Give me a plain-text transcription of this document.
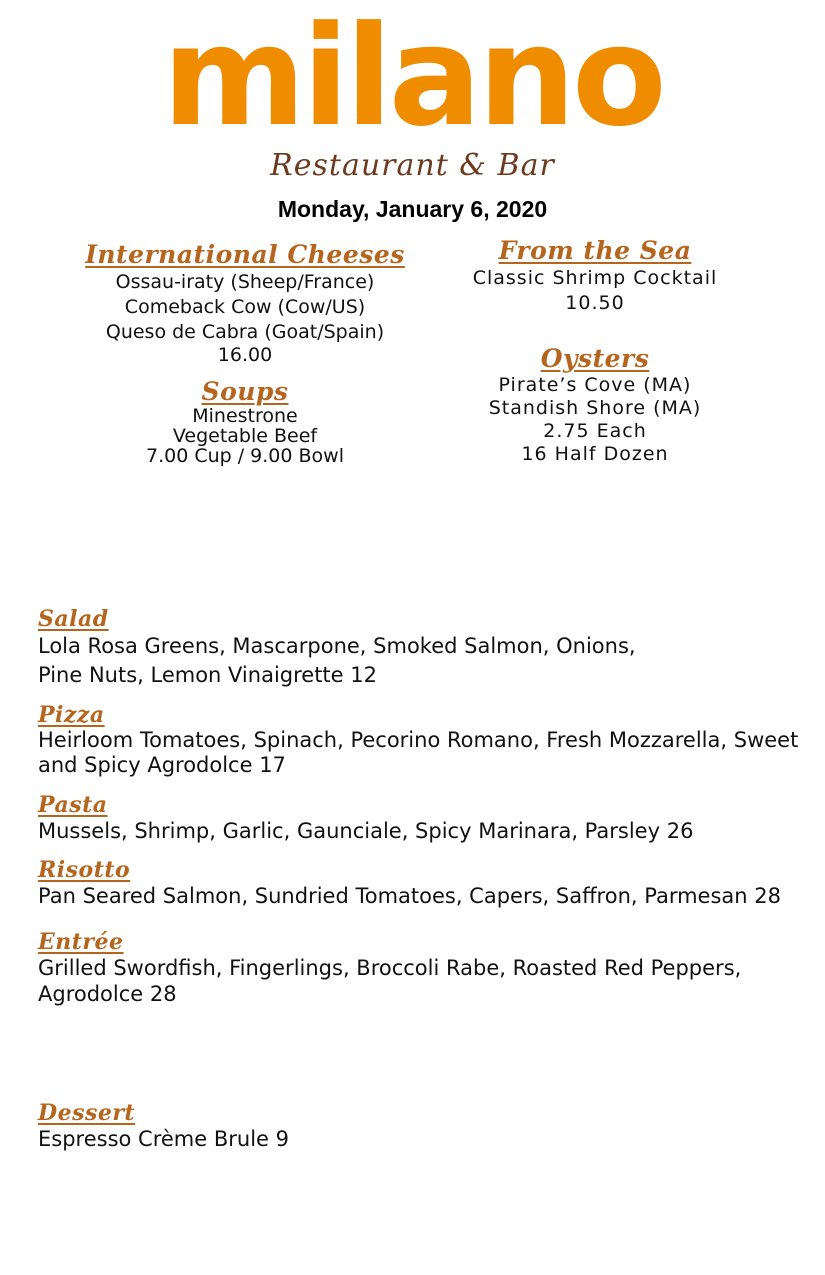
milano
Restaurant & Bar
Monday, January 6, 2020
International Cheeses
Ossau-iraty (Sheep/France)
Comeback Cow (Cow/US)
Queso de Cabra (Goat/Spain)
16.00
Soups
Minestrone
Vegetable Beef
7.00 Cup / 9.00 Bowl
From the Sea
Classic Shrimp Cocktail
10.50
Oysters
Pirate’s Cove (MA)
Standish Shore (MA)
2.75 Each
16 Half Dozen
Salad
Lola Rosa Greens, Mascarpone, Smoked Salmon, Onions,
Pine Nuts, Lemon Vinaigrette 12
Pizza
Heirloom Tomatoes, Spinach, Pecorino Romano, Fresh Mozzarella, Sweet
and Spicy Agrodolce 17
Pasta
Mussels, Shrimp, Garlic, Gaunciale, Spicy Marinara, Parsley 26
Risotto
Pan Seared Salmon, Sundried Tomatoes, Capers, Saffron, Parmesan 28
Entrée
Grilled Swordfish, Fingerlings, Broccoli Rabe, Roasted Red Peppers,
Agrodolce 28
Dessert
Espresso Crème Brule 9
